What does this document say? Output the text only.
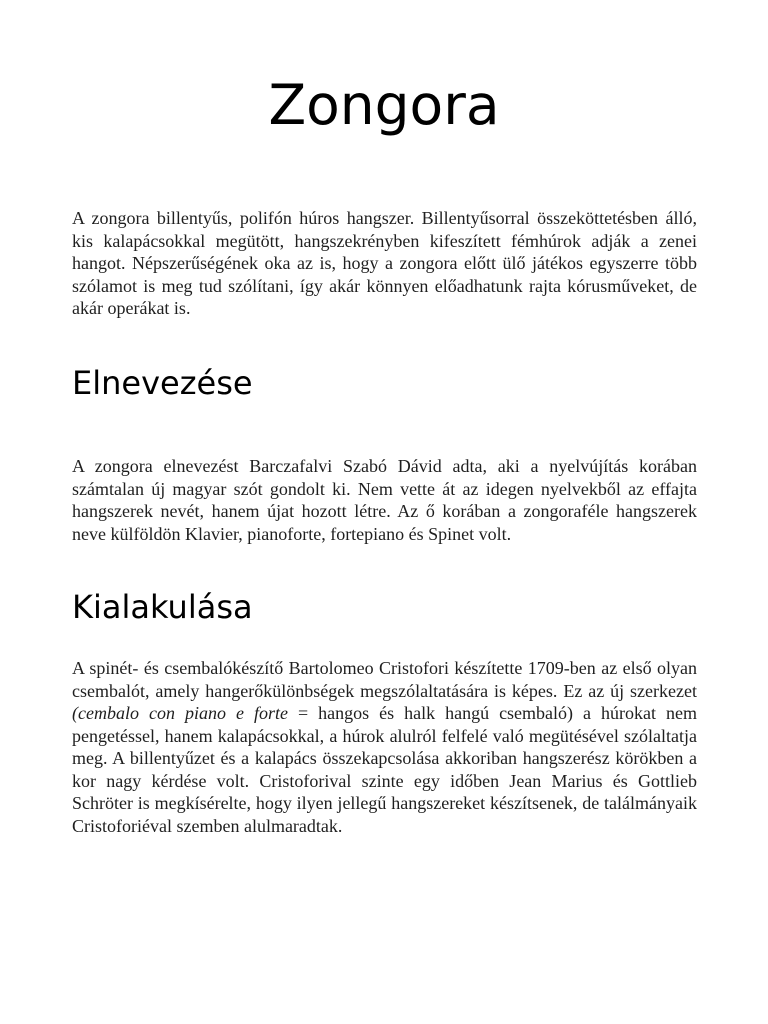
Zongora

A zongora billentyűs, polifón húros hangszer. Billentyűsorral összeköttetésben álló, kis kalapácsokkal megütött, hangszekrényben kifeszített fémhúrok adják a zenei hangot. Népszerűségének oka az is, hogy a zongora előtt ülő játékos egyszerre több szólamot is meg tud szólítani, így akár könnyen előadhatunk rajta kórusműveket, de akár operákat is.

Elnevezése

A zongora elnevezést Barczafalvi Szabó Dávid adta, aki a nyelvújítás korában számtalan új magyar szót gondolt ki. Nem vette át az idegen nyelvekből az effajta hangszerek nevét, hanem újat hozott létre. Az ő korában a zongoraféle hangszerek neve külföldön Klavier, pianoforte, fortepiano és Spinet volt.

Kialakulása

A spinét- és csembalókészítő Bartolomeo Cristofori készítette 1709-ben az első olyan csembalót, amely hangerőkülönbségek megszólaltatására is képes. Ez az új szerkezet (cembalo con piano e forte = hangos és halk hangú csembaló) a húrokat nem pengetéssel, hanem kalapácsokkal, a húrok alulról felfelé való megütésével szólaltatja meg. A billentyűzet és a kalapács összekapcsolása akkoriban hangszerész körökben a kor nagy kérdése volt. Cristoforival szinte egy időben Jean Marius és Gottlieb Schröter is megkísérelte, hogy ilyen jellegű hangszereket készítsenek, de találmányaik Cristoforiéval szemben alulmaradtak.
